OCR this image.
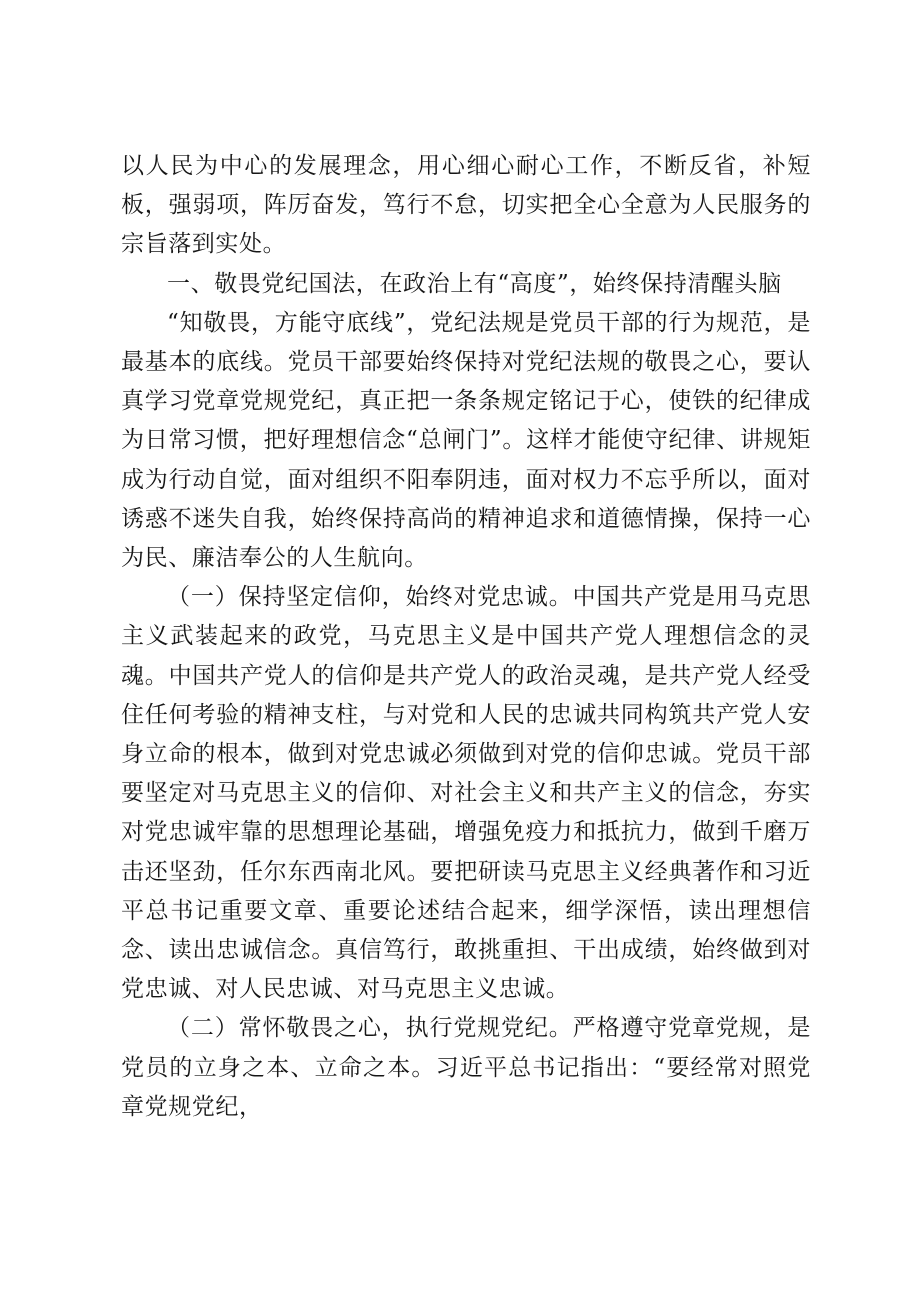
以人民为中心的发展理念，用心细心耐心工作，不断反省，补短板，强弱项，阵厉奋发，笃行不怠，切实把全心全意为人民服务的宗旨落到实处。

一、敬畏党纪国法，在政治上有“高度”，始终保持清醒头脑

“知敬畏，方能守底线”，党纪法规是党员干部的行为规范，是最基本的底线。党员干部要始终保持对党纪法规的敬畏之心，要认真学习党章党规党纪，真正把一条条规定铭记于心，使铁的纪律成为日常习惯，把好理想信念“总闸门”。这样才能使守纪律、讲规矩成为行动自觉，面对组织不阳奉阴违，面对权力不忘乎所以，面对诱惑不迷失自我，始终保持高尚的精神追求和道德情操，保持一心为民、廉洁奉公的人生航向。

（一）保持坚定信仰，始终对党忠诚。中国共产党是用马克思主义武装起来的政党，马克思主义是中国共产党人理想信念的灵魂。中国共产党人的信仰是共产党人的政治灵魂，是共产党人经受住任何考验的精神支柱，与对党和人民的忠诚共同构筑共产党人安身立命的根本，做到对党忠诚必须做到对党的信仰忠诚。党员干部要坚定对马克思主义的信仰、对社会主义和共产主义的信念，夯实对党忠诚牢靠的思想理论基础，增强免疫力和抵抗力，做到千磨万击还坚劲，任尔东西南北风。要把研读马克思主义经典著作和习近平总书记重要文章、重要论述结合起来，细学深悟，读出理想信念、读出忠诚信念。真信笃行，敢挑重担、干出成绩，始终做到对党忠诚、对人民忠诚、对马克思主义忠诚。

（二）常怀敬畏之心，执行党规党纪。严格遵守党章党规，是党员的立身之本、立命之本。习近平总书记指出：“要经常对照党章党规党纪，
